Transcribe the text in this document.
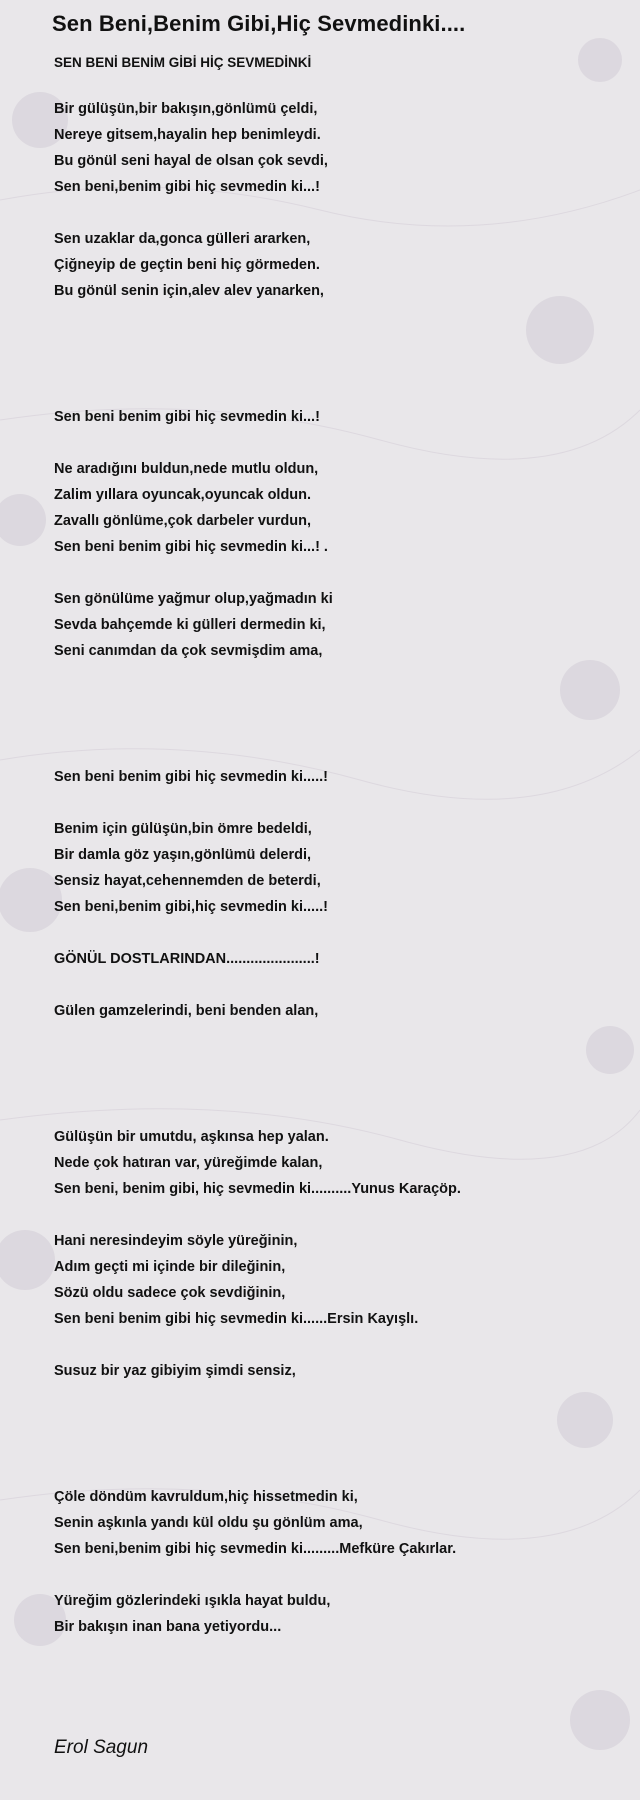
Sen Beni,Benim Gibi,Hiç Sevmedinki....
SEN BENİ BENİM GİBİ HİÇ SEVMEDİNKİ

Bir gülüşün,bir bakışın,gönlümü çeldi,

Nereye gitsem,hayalin hep benimleydi.

Bu gönül seni hayal de olsan çok sevdi,

Sen beni,benim gibi hiç sevmedin ki...!

Sen uzaklar da,gonca gülleri ararken,

Çiğneyip de geçtin beni hiç görmeden.

Bu gönül senin için,alev alev yanarken,

Sen beni benim gibi hiç sevmedin ki...!

Ne aradığını buldun,nede mutlu oldun,

Zalim yıllara oyuncak,oyuncak oldun.

Zavallı gönlüme,çok darbeler vurdun,

Sen beni benim gibi hiç sevmedin ki...! .

Sen gönülüme yağmur olup,yağmadın ki

Sevda bahçemde ki gülleri dermedin ki,

Seni canımdan da çok sevmişdim ama,

Sen beni benim gibi hiç sevmedin ki.....!

Benim için gülüşün,bin ömre bedeldi,

Bir damla göz yaşın,gönlümü delerdi,

Sensiz hayat,cehennemden de beterdi,

Sen beni,benim gibi,hiç sevmedin ki.....!

GÖNÜL DOSTLARINDAN......................!

Gülen gamzelerindi, beni benden alan,

Gülüşün bir umutdu, aşkınsa hep yalan.

Nede çok hatıran var, yüreğimde kalan,

Sen beni, benim gibi, hiç sevmedin ki..........Yunus Karaçöp.

Hani neresindeyim söyle yüreğinin,

Adım geçti mi içinde bir dileğinin,

Sözü oldu sadece çok sevdiğinin,

Sen beni benim gibi hiç sevmedin ki......Ersin Kayışlı.

Susuz bir yaz gibiyim şimdi sensiz,

Çöle döndüm kavruldum,hiç hissetmedin ki,

Senin aşkınla yandı kül oldu şu gönlüm ama,

Sen beni,benim gibi hiç sevmedin ki.........Mefküre Çakırlar.

Yüreğim gözlerindeki ışıkla hayat buldu,

Bir bakışın inan bana yetiyordu...

Erol Sagun
